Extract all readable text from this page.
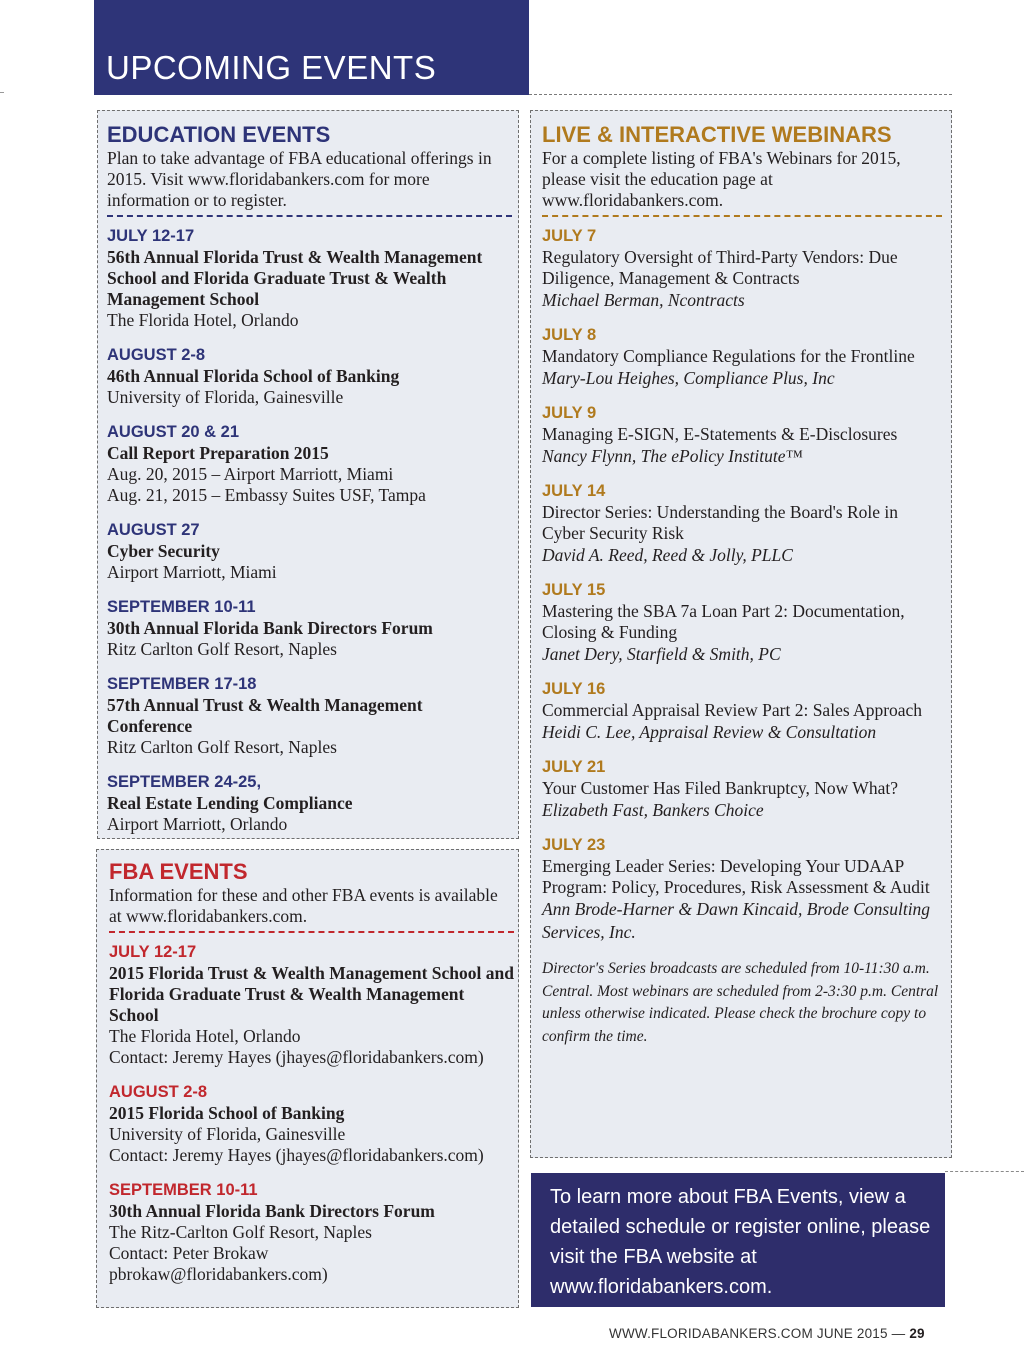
UPCOMING EVENTS
EDUCATION EVENTS
Plan to take advantage of FBA educational offerings in 2015. Visit www.floridabankers.com for more information or to register.
JULY 12-17
56th Annual Florida Trust & Wealth Management School and Florida Graduate Trust & Wealth Management School
The Florida Hotel, Orlando
AUGUST 2-8
46th Annual Florida School of Banking
University of Florida, Gainesville
AUGUST 20 & 21
Call Report Preparation 2015
Aug. 20, 2015 – Airport Marriott, Miami
Aug. 21, 2015 – Embassy Suites USF, Tampa
AUGUST 27
Cyber Security
Airport Marriott, Miami
SEPTEMBER 10-11
30th Annual Florida Bank Directors Forum
Ritz Carlton Golf Resort, Naples
SEPTEMBER 17-18
57th Annual Trust & Wealth Management Conference
Ritz Carlton Golf Resort, Naples
SEPTEMBER 24-25,
Real Estate Lending Compliance
Airport Marriott, Orlando
FBA EVENTS
Information for these and other FBA events is available at www.floridabankers.com.
JULY 12-17
2015 Florida Trust & Wealth Management School and Florida Graduate Trust & Wealth Management School
The Florida Hotel, Orlando
Contact: Jeremy Hayes (jhayes@floridabankers.com)
AUGUST 2-8
2015 Florida School of Banking
University of Florida, Gainesville
Contact: Jeremy Hayes (jhayes@floridabankers.com)
SEPTEMBER 10-11
30th Annual Florida Bank Directors Forum
The Ritz-Carlton Golf Resort, Naples
Contact: Peter Brokaw
pbrokaw@floridabankers.com)
LIVE & INTERACTIVE WEBINARS
For a complete listing of FBA's Webinars for 2015, please visit the education page at www.floridabankers.com.
JULY 7
Regulatory Oversight of Third-Party Vendors: Due Diligence, Management & Contracts
Michael Berman, Ncontracts
JULY 8
Mandatory Compliance Regulations for the Frontline
Mary-Lou Heighes, Compliance Plus, Inc
JULY 9
Managing E-SIGN, E-Statements & E-Disclosures
Nancy Flynn, The ePolicy Institute™
JULY 14
Director Series: Understanding the Board's Role in Cyber Security Risk
David A. Reed, Reed & Jolly, PLLC
JULY 15
Mastering the SBA 7a Loan Part 2: Documentation, Closing & Funding
Janet Dery, Starfield & Smith, PC
JULY 16
Commercial Appraisal Review Part 2: Sales Approach
Heidi C. Lee, Appraisal Review & Consultation
JULY 21
Your Customer Has Filed Bankruptcy, Now What?
Elizabeth Fast, Bankers Choice
JULY 23
Emerging Leader Series: Developing Your UDAAP Program: Policy, Procedures, Risk Assessment & Audit
Ann Brode-Harner & Dawn Kincaid, Brode Consulting Services, Inc.
Director's Series broadcasts are scheduled from 10-11:30 a.m. Central. Most webinars are scheduled from 2-3:30 p.m. Central unless otherwise indicated. Please check the brochure copy to confirm the time.
To learn more about FBA Events, view a detailed schedule or register online, please visit the FBA website at www.floridabankers.com.
WWW.FLORIDABANKERS.COM JUNE 2015 — 29
